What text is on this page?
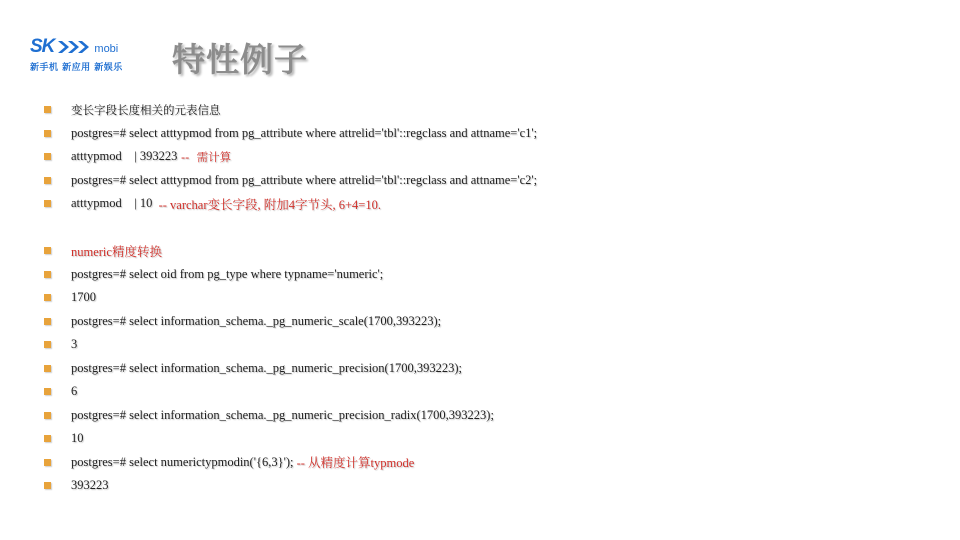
SK	mobi
新手机 新应用 新娱乐	特性例子
变长字段长度相关的元表信息
postgres=# select atttypmod from pg_attribute where attrelid='tbl'::regclass and attname='c1';
atttypmod    | 393223 --  需计算
postgres=# select atttypmod from pg_attribute where attrelid='tbl'::regclass and attname='c2';
atttypmod    | 10 -- varchar变长字段, 附加4字节头, 6+4=10.
numeric精度转换
postgres=# select oid from pg_type where typname='numeric';
1700
postgres=# select information_schema._pg_numeric_scale(1700,393223);
3
postgres=# select information_schema._pg_numeric_precision(1700,393223);
6
postgres=# select information_schema._pg_numeric_precision_radix(1700,393223);
10
postgres=# select numerictypmodin('{6,3}'); -- 从精度计算typmode
393223
